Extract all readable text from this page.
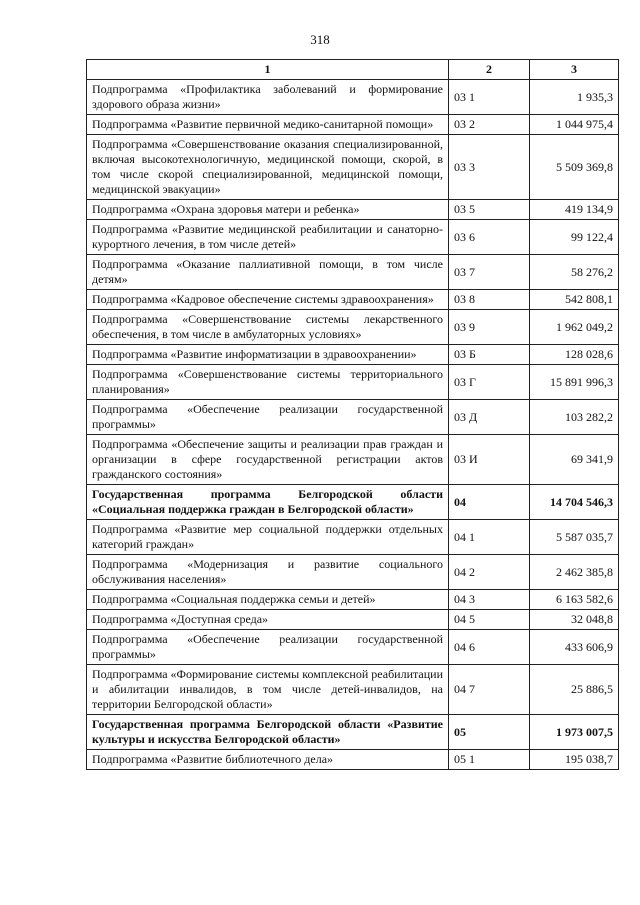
318
1	2	3
Подпрограмма «Профилактика заболеваний и формирование здорового образа жизни»	03 1	1 935,3
Подпрограмма «Развитие первичной медико-санитарной помощи»	03 2	1 044 975,4
Подпрограмма «Совершенствование оказания специализированной, включая высокотехнологичную, медицинской помощи, скорой, в том числе скорой специализированной, медицинской помощи, медицинской эвакуации»	03 3	5 509 369,8
Подпрограмма «Охрана здоровья матери и ребенка»	03 5	419 134,9
Подпрограмма «Развитие медицинской реабилитации и санаторно-курортного лечения, в том числе детей»	03 6	99 122,4
Подпрограмма «Оказание паллиативной помощи, в том числе детям»	03 7	58 276,2
Подпрограмма «Кадровое обеспечение системы здравоохранения»	03 8	542 808,1
Подпрограмма «Совершенствование системы лекарственного обеспечения, в том числе в амбулаторных условиях»	03 9	1 962 049,2
Подпрограмма «Развитие информатизации в здравоохранении»	03 Б	128 028,6
Подпрограмма «Совершенствование системы территориального планирования»	03 Г	15 891 996,3
Подпрограмма «Обеспечение реализации государственной программы»	03 Д	103 282,2
Подпрограмма «Обеспечение защиты и реализации прав граждан и организации в сфере государственной регистрации актов гражданского состояния»	03 И	69 341,9
Государственная программа Белгородской области «Социальная поддержка граждан в Белгородской области»	04	14 704 546,3
Подпрограмма «Развитие мер социальной поддержки отдельных категорий граждан»	04 1	5 587 035,7
Подпрограмма «Модернизация и развитие социального обслуживания населения»	04 2	2 462 385,8
Подпрограмма «Социальная поддержка семьи и детей»	04 3	6 163 582,6
Подпрограмма «Доступная среда»	04 5	32 048,8
Подпрограмма «Обеспечение реализации государственной программы»	04 6	433 606,9
Подпрограмма «Формирование системы комплексной реабилитации и абилитации инвалидов, в том числе детей-инвалидов, на территории Белгородской области»	04 7	25 886,5
Государственная программа Белгородской области «Развитие культуры и искусства Белгородской области»	05	1 973 007,5
Подпрограмма «Развитие библиотечного дела»	05 1	195 038,7
